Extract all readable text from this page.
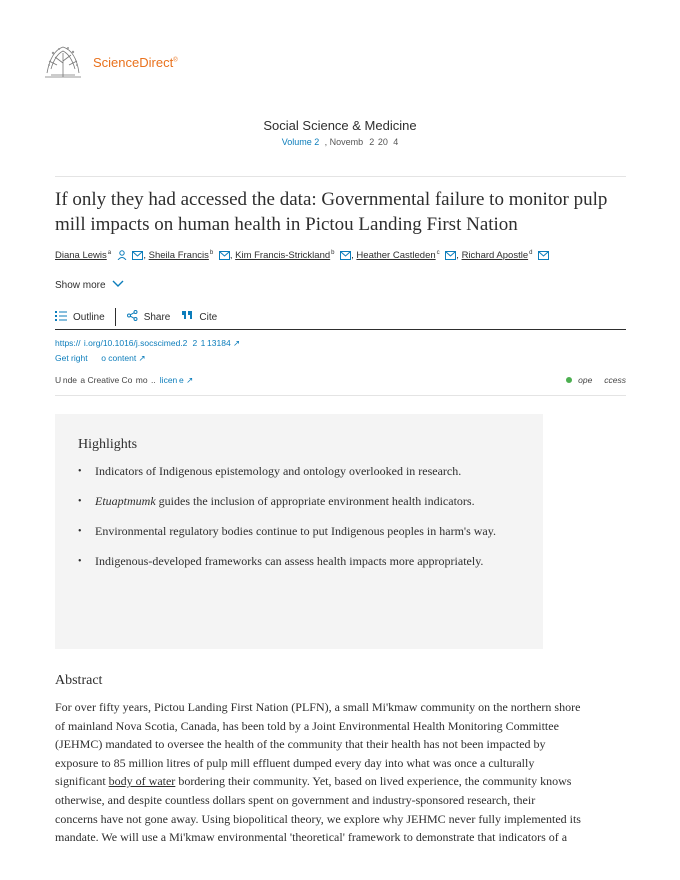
ScienceDirect®
Social Science & Medicine
Volume 2   , Novemb   2  20   4
If only they had accessed the data: Governmental failure to monitor pulp mill impacts on human health in Pictou Landing First Nation
Diana Lewis$^a$	, Sheila Francis$^b$ , Kim Francis-Strickland$^b$ , Heather Castleden$^c$ , Richard Apostle$^d$
Show more
Outline	Share	Cite
https://  i.org/10.1016/j.socscimed.2   2  1 13184 ↗
Get right        o content ↗
U nde  a Creative Co  mo  ..  licen e ↗	ope       ccess
Highlights
• Indicators of Indigenous epistemology and ontology overlooked in research.
• Etuaptmumk guides the inclusion of appropriate environment health indicators.
• Environmental regulatory bodies continue to put Indigenous peoples in harm's way.
• Indigenous-developed frameworks can assess health impacts more appropriately.
Abstract
For over fifty years, Pictou Landing First Nation (PLFN), a small Mi'kmaw community on the northern shore
of mainland Nova Scotia, Canada, has been told by a Joint Environmental Health Monitoring Committee
(JEHMC) mandated to oversee the health of the community that their health has not been impacted by
exposure to 85 million litres of pulp mill effluent dumped every day into what was once a culturally
significant body of water bordering their community. Yet, based on lived experience, the community knows
otherwise, and despite countless dollars spent on government and industry-sponsored research, their
concerns have not gone away. Using biopolitical theory, we explore why JEHMC never fully implemented its
mandate. We will use a Mi'kmaw environmental 'theoretical' framework to demonstrate that indicators of a
